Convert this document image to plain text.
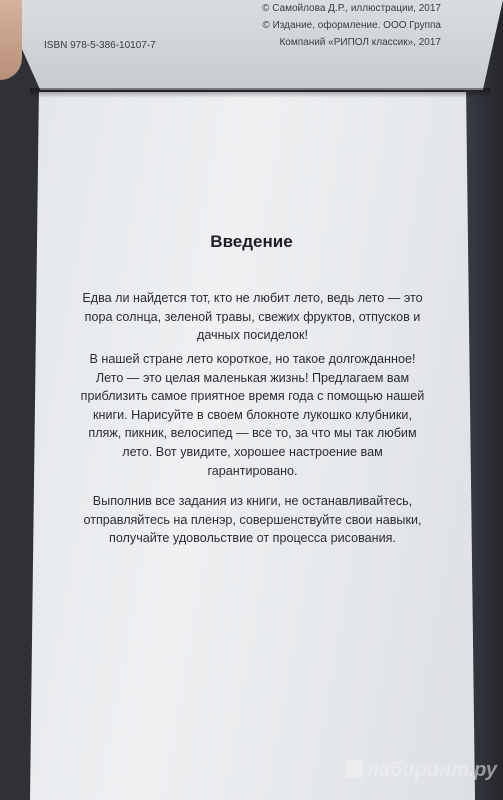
ISBN 978-5-386-10107-7
© Самойлова Д.Р., иллюстрации, 2017
© Издание, оформление. ООО Группа
Компаний «РИПОЛ классик», 2017
Введение
Едва ли найдется тот, кто не любит лето, ведь лето — это пора солнца, зеленой травы, свежих фруктов, отпусков и дачных посиделок!
В нашей стране лето короткое, но такое долгожданное! Лето — это целая маленькая жизнь! Предлагаем вам приблизить самое приятное время года с помощью нашей книги. Нарисуйте в своем блокноте лукошко клубники, пляж, пикник, велосипед — все то, за что мы так любим лето. Вот увидите, хорошее настроение вам гарантировано.
Выполнив все задания из книги, не останавливайтесь, отправляйтесь на пленэр, совершенствуйте свои навыки, получайте удовольствие от процесса рисования.
лабиринт.ру
